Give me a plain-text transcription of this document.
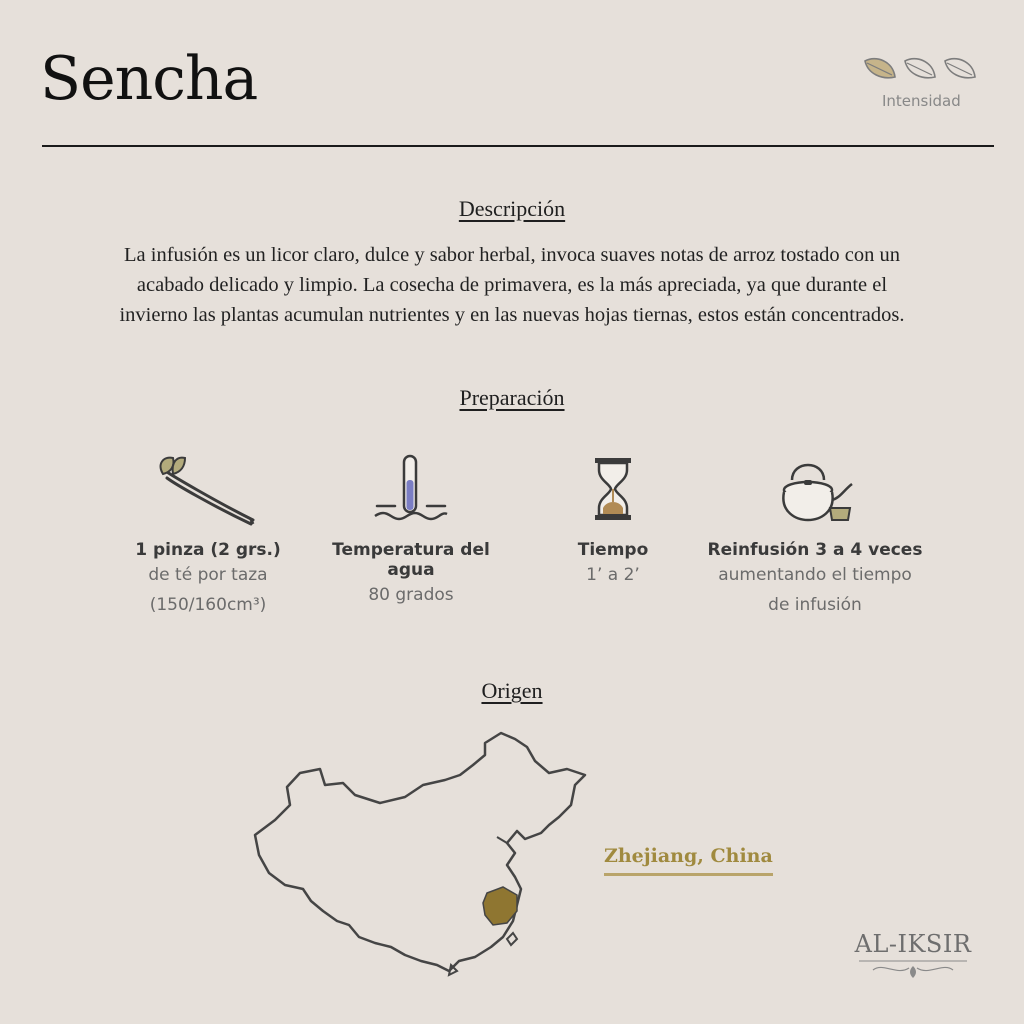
Sencha	Intensidad
Descripción
La infusión es un licor claro, dulce y sabor herbal, invoca suaves notas de arroz tostado con un
acabado delicado y limpio. La cosecha de primavera, es la más apreciada, ya que durante el
invierno las plantas acumulan nutrientes y en las nuevas hojas tiernas, estos están concentrados.
Preparación
1 pinza (2 grs.)
de té por taza
(150/160cm³)
Temperatura del agua
80 grados
Tiempo
1’ a 2’
Reinfusión 3 a 4 veces
aumentando el tiempo
de infusión
Origen
Zhejiang, China
AL-IKSIR
